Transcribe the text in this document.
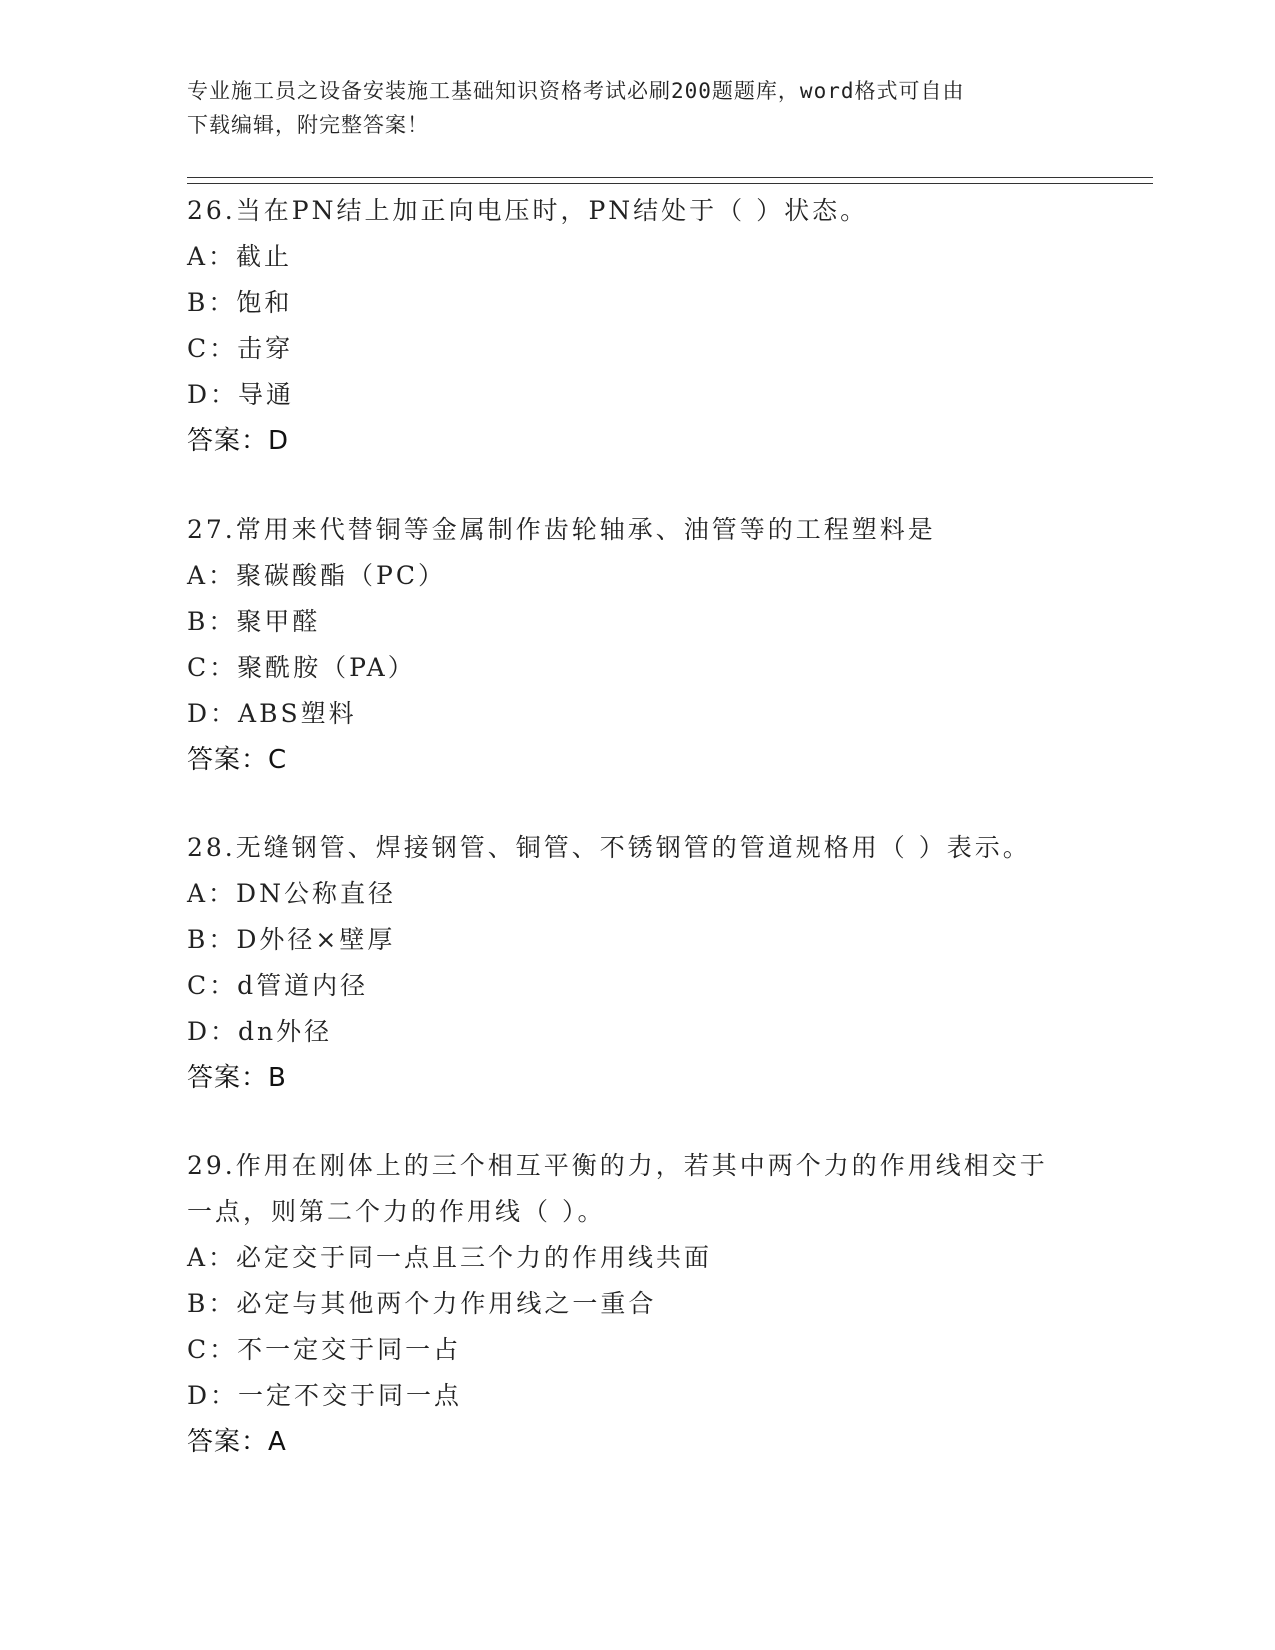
专业施工员之设备安装施工基础知识资格考试必刷200题题库，word格式可自由
下载编辑，附完整答案！
26.当在PN结上加正向电压时，PN结处于（ ）状态。
A：截止
B：饱和
C：击穿
D：导通
答案：D
27.常用来代替铜等金属制作齿轮轴承、油管等的工程塑料是
A：聚碳酸酯（PC）
B：聚甲醛
C：聚酰胺（PA）
D：ABS塑料
答案：C
28.无缝钢管、焊接钢管、铜管、不锈钢管的管道规格用（ ）表示。
A：DN公称直径
B：D外径×壁厚
C：d管道内径
D：dn外径
答案：B
29.作用在刚体上的三个相互平衡的力，若其中两个力的作用线相交于
一点，则第二个力的作用线（ ）。
A：必定交于同一点且三个力的作用线共面
B：必定与其他两个力作用线之一重合
C：不一定交于同一占
D：一定不交于同一点
答案：A
